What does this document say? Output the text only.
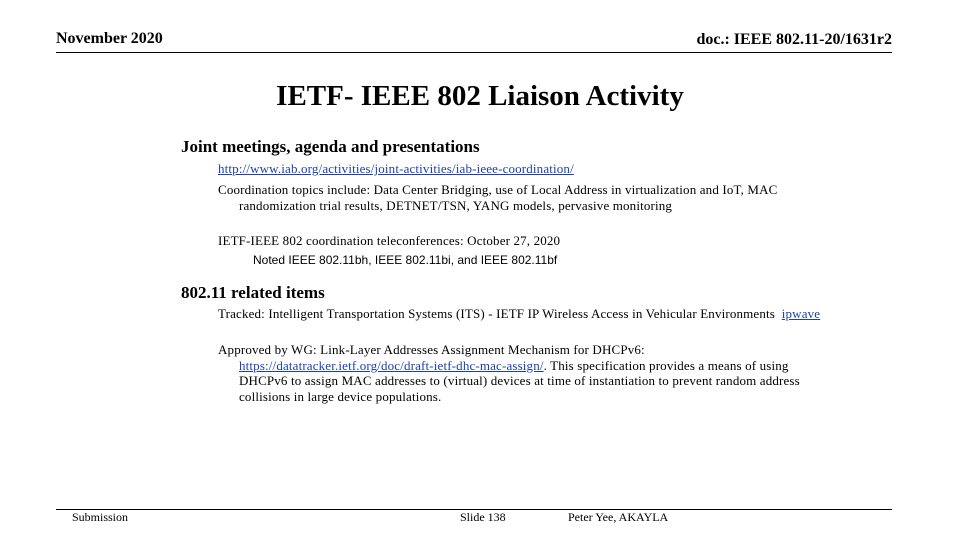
November 2020	doc.: IEEE 802.11-20/1631r2
IETF- IEEE 802 Liaison Activity
Joint meetings, agenda and presentations
http://www.iab.org/activities/joint-activities/iab-ieee-coordination/
Coordination topics include: Data Center Bridging, use of Local Address in virtualization and IoT, MAC randomization trial results, DETNET/TSN, YANG models, pervasive monitoring
IETF-IEEE 802 coordination teleconferences: October 27, 2020
Noted IEEE 802.11bh, IEEE 802.11bi, and IEEE 802.11bf
802.11 related items
Tracked: Intelligent Transportation Systems (ITS) - IETF IP Wireless Access in Vehicular Environments ipwave
Approved by WG: Link-Layer Addresses Assignment Mechanism for DHCPv6: https://datatracker.ietf.org/doc/draft-ietf-dhc-mac-assign/. This specification provides a means of using DHCPv6 to assign MAC addresses to (virtual) devices at time of instantiation to prevent random address collisions in large device populations.
Submission	Slide 138	Peter Yee, AKAYLA
